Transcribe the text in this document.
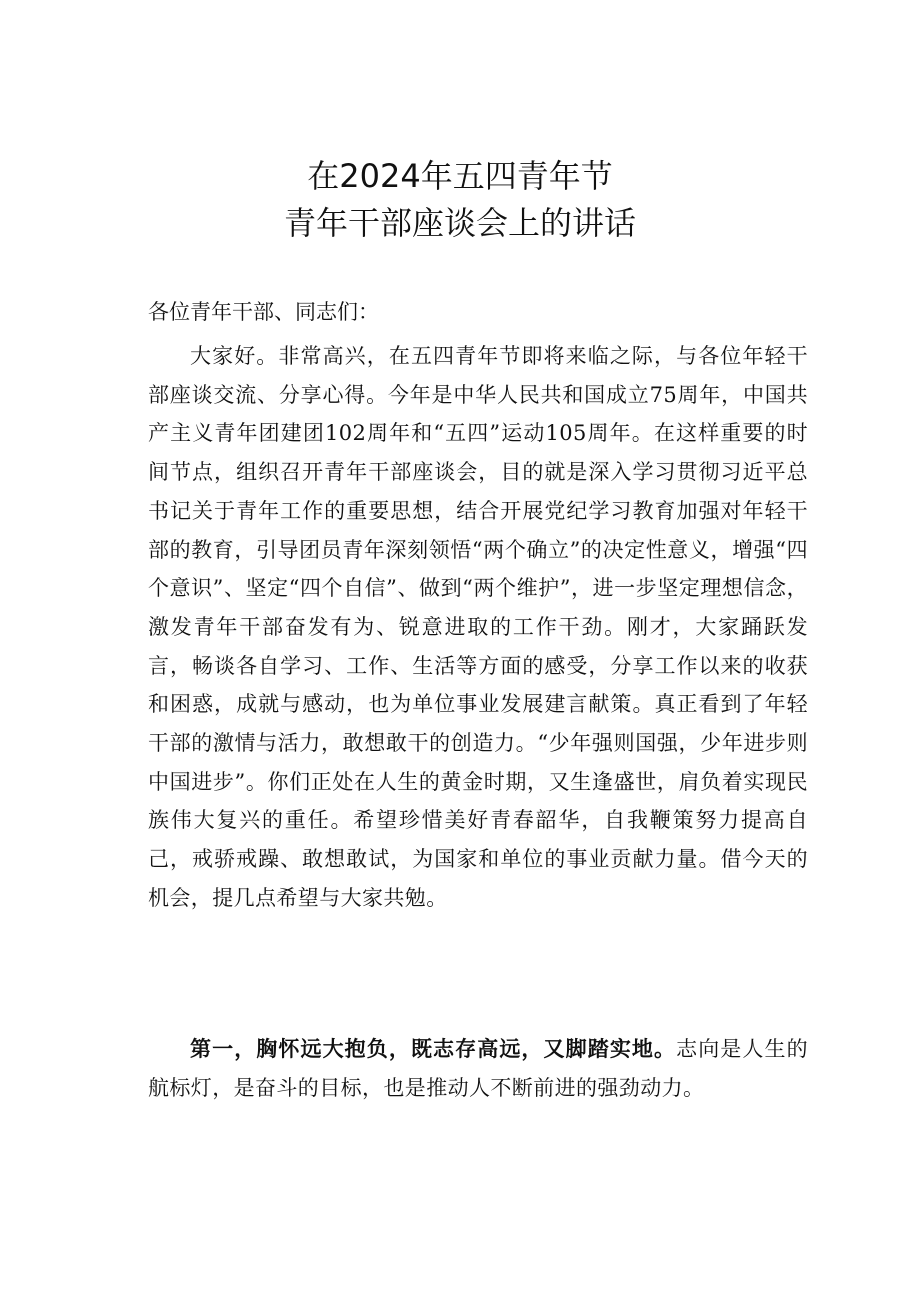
在2024年五四青年节
青年干部座谈会上的讲话

各位青年干部、同志们：

大家好。非常高兴，在五四青年节即将来临之际，与各位年轻干部座谈交流、分享心得。今年是中华人民共和国成立75周年，中国共产主义青年团建团102周年和“五四”运动105周年。在这样重要的时间节点，组织召开青年干部座谈会，目的就是深入学习贯彻习近平总书记关于青年工作的重要思想，结合开展党纪学习教育加强对年轻干部的教育，引导团员青年深刻领悟“两个确立”的决定性意义，增强“四个意识”、坚定“四个自信”、做到“两个维护”，进一步坚定理想信念，激发青年干部奋发有为、锐意进取的工作干劲。刚才，大家踊跃发言，畅谈各自学习、工作、生活等方面的感受，分享工作以来的收获和困惑，成就与感动，也为单位事业发展建言献策。真正看到了年轻干部的激情与活力，敢想敢干的创造力。“少年强则国强，少年进步则中国进步”。你们正处在人生的黄金时期，又生逢盛世，肩负着实现民族伟大复兴的重任。希望珍惜美好青春韶华，自我鞭策努力提高自己，戒骄戒躁、敢想敢试，为国家和单位的事业贡献力量。借今天的机会，提几点希望与大家共勉。

第一，胸怀远大抱负，既志存高远，又脚踏实地。志向是人生的航标灯，是奋斗的目标，也是推动人不断前进的强劲动力。
